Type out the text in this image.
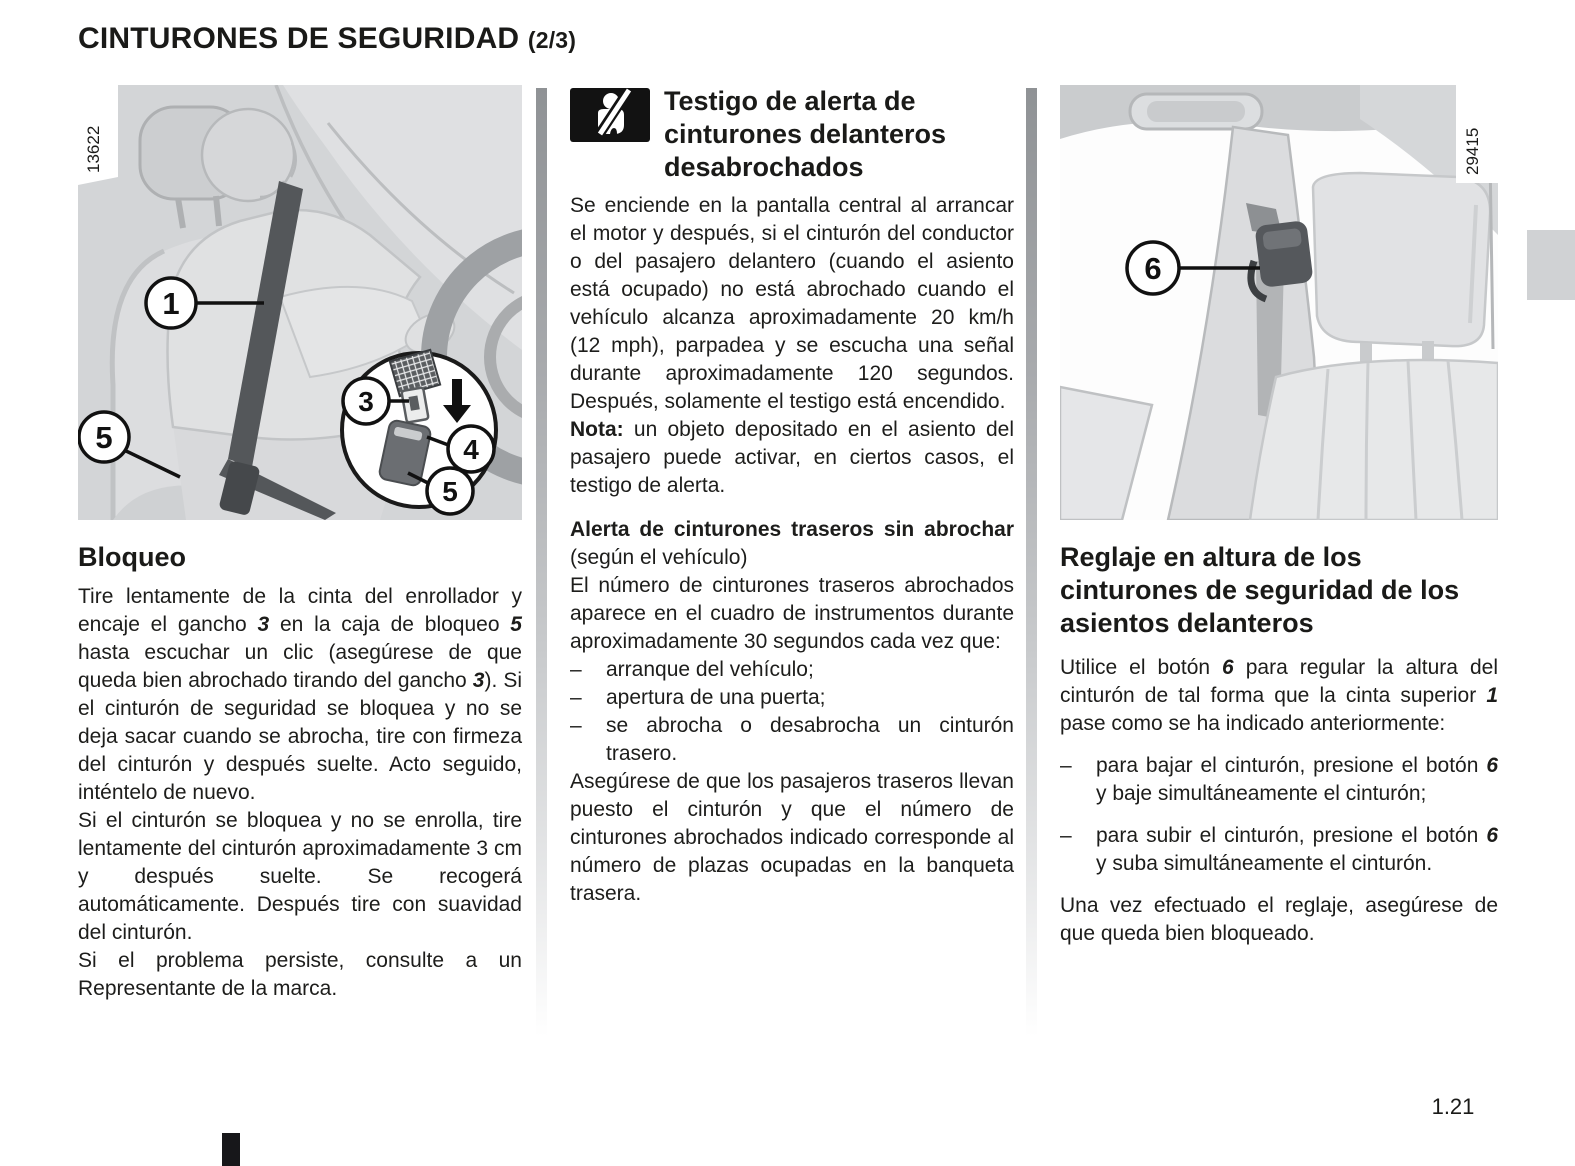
CINTURONES DE SEGURIDAD (2/3)
1
5
3
4
5
13622
Bloqueo

Tire lentamente de la cinta del enrollador y encaje el gancho 3 en la caja de bloqueo 5 hasta escuchar un clic (asegúrese de que queda bien abrochado tirando del gancho 3). Si el cinturón de seguridad se bloquea y no se deja sacar cuando se abrocha, tire con firmeza del cinturón y después suelte. Acto seguido, inténtelo de nuevo.

Si el cinturón se bloquea y no se enrolla, tire lentamente del cinturón aproximadamente 3 cm y después suelte. Se recogerá automáticamente. Después tire con suavidad del cinturón.

Si el problema persiste, consulte a un Representante de la marca.

Testigo de alerta de cinturones delanteros desabrochados

Se enciende en la pantalla central al arrancar el motor y después, si el cinturón del conductor o del pasajero delantero (cuando el asiento está ocupado) no está abrochado cuando el vehículo alcanza aproximadamente 20 km/h (12 mph), parpadea y se escucha una señal durante aproximadamente 120 segundos. Después, solamente el testigo está encendido.

Nota: un objeto depositado en el asiento del pasajero puede activar, en ciertos casos, el testigo de alerta.

Alerta de cinturones traseros sin abrochar (según el vehículo)

El número de cinturones traseros abrochados aparece en el cuadro de instrumentos durante aproximadamente 30 segundos cada vez que:

–	arranque del vehículo;
–	apertura de una puerta;
–	se abrocha o desabrocha un cinturón trasero.

Asegúrese de que los pasajeros traseros llevan puesto el cinturón y que el número de cinturones abrochados indicado corresponde al número de plazas ocupadas en la banqueta trasera.

6
29415
Reglaje en altura de los cinturones de seguridad de los asientos delanteros

Utilice el botón 6 para regular la altura del cinturón de tal forma que la cinta superior 1 pase como se ha indicado anteriormente:

–	para bajar el cinturón, presione el botón 6 y baje simultáneamente el cinturón;
–	para subir el cinturón, presione el botón 6 y suba simultáneamente el cinturón.

Una vez efectuado el reglaje, asegúrese de que queda bien bloqueado.

1.21
